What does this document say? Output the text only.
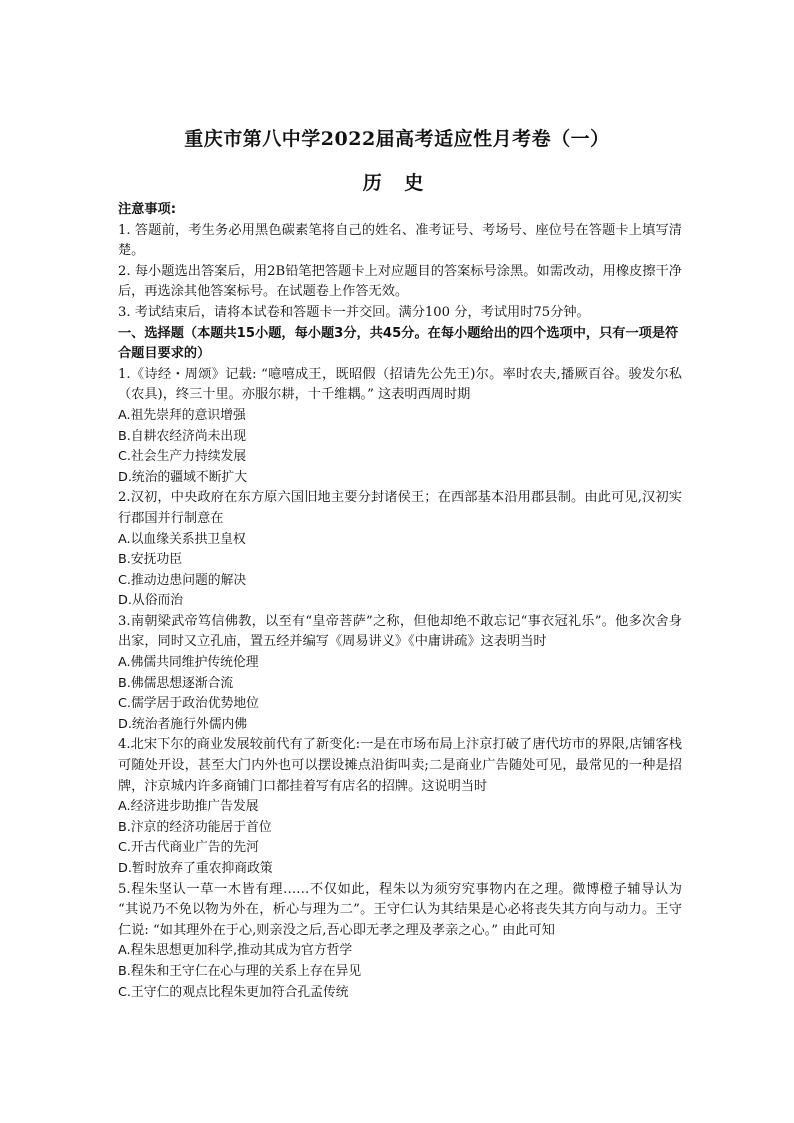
重庆市第八中学2022届高考适应性月考卷（一）
历 史

注意事项:

1. 答题前，考生务必用黑色碳素笔将自己的姓名、准考证号、考场号、座位号在答题卡上填写清楚。

2. 每小题选出答案后，用2B铅笔把答题卡上对应题目的答案标号涂黑。如需改动，用橡皮擦干净后，再选涂其他答案标号。在试题卷上作答无效。

3. 考试结束后，请将本试卷和答题卡一并交回。满分100 分，考试用时75分钟。

一、选择题（本题共15小题，每小题3分，共45分。在每小题给出的四个选项中，只有一项是符合题目要求的）

1.《诗经・周颂》记载: “噫嘻成王，既昭假（招请先公先王)尔。率时农夫,播厥百谷。骏发尔私（农具)，终三十里。亦服尔耕，十千维耦。” 这表明西周时期

A.祖先崇拜的意识增强

B.自耕农经济尚未出现

C.社会生产力持续发展

D.统治的疆域不断扩大

2.汉初，中央政府在东方原六国旧地主要分封诸侯王；在西部基本沿用郡县制。由此可见,汉初实行郡国并行制意在

A.以血缘关系拱卫皇权

B.安抚功臣

C.推动边患问题的解决

D.从俗而治

3.南朝梁武帝笃信佛教，以至有“皇帝菩萨”之称，但他却绝不敢忘记“事衣冠礼乐”。他多次舍身出家，同时又立孔庙，置五经并编写《周易讲义》《中庸讲疏》这表明当时

A.佛儒共同维护传统伦理

B.佛儒思想逐渐合流

C.儒学居于政治优势地位

D.统治者施行外儒内佛

4.北宋下尔的商业发展较前代有了新变化:一是在市场布局上汴京打破了唐代坊市的界限,店铺客栈可随处开设，甚至大门内外也可以摆设摊点沿街叫卖;二是商业广告随处可见，最常见的一种是招牌，汴京城内许多商铺门口都挂着写有店名的招牌。这说明当时

A.经济进步助推广告发展

B.汴京的经济功能居于首位

C.开古代商业广告的先河

D.暂时放弃了重农抑商政策

5.程朱坚认一草一木皆有理……不仅如此，程朱以为须穷究事物内在之理。微博橙子辅导认为 “其说乃不免以物为外在，析心与理为二”。王守仁认为其结果是心必将丧失其方向与动力。王守仁说: “如其理外在于心,则亲没之后,吾心即无孝之理及孝亲之心。” 由此可知

A.程朱思想更加科学,推动其成为官方哲学

B.程朱和王守仁在心与理的关系上存在异见

C.王守仁的观点比程朱更加符合孔孟传统
